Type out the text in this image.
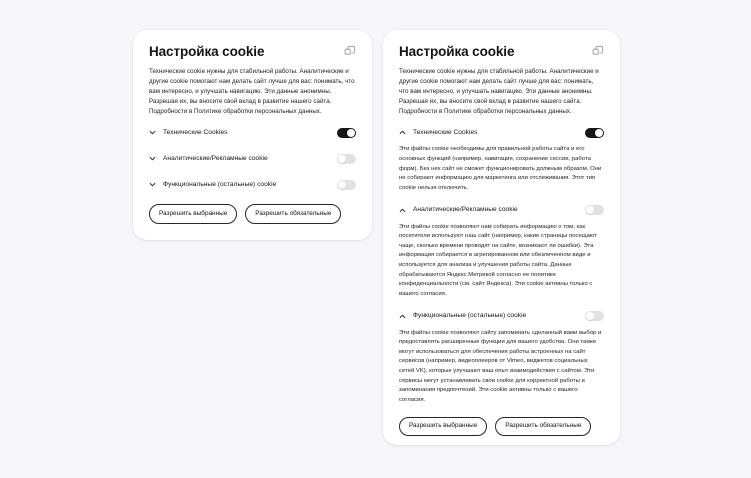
Настройка cookie
Технические cookie нужны для стабильной работы. Аналитические и другие cookie помогают нам делать сайт лучше для вас: понимать, что вам интересно, и улучшать навигацию. Эти данные анонимны. Разрешая их, вы вносите свой вклад в развитие нашего сайта. Подробности в Политике обработки персональных данных.
Технические Cookies
Аналитические/Рекламные cookie
Функциональные (остальные) cookie
Разрешить выбранные	Разрешить обязательные
Настройка cookie
Технические cookie нужны для стабильной работы. Аналитические и другие cookie помогают нам делать сайт лучше для вас: понимать, что вам интересно, и улучшать навигацию. Эти данные анонимны. Разрешая их, вы вносите свой вклад в развитие нашего сайта. Подробности в Политике обработки персональных данных.
Технические Cookies

Эти файлы cookie необходимы для правильной работы сайта и его основных функций (например, навигация, сохранение сессии, работа форм). Без них сайт не сможет функционировать должным образом. Они не собирают информацию для маркетинга или отслеживания. Этот тип cookie нельзя отключить.

Аналитические/Рекламные cookie

Эти файлы cookie позволяют нам собирать информацию о том, как посетители используют наш сайт (например, какие страницы посещают чаще, сколько времени проводят на сайте, возникают ли ошибки). Эта информация собирается в агрегированном или обезличенном виде и используется для анализа и улучшения работы сайта. Данные обрабатываются Яндекс.Метрикой согласно ее политике конфиденциальности (см. сайт Яндекса). Эти cookie активны только с вашего согласия.

Функциональные (остальные) cookie

Эти файлы cookie позволяют сайту запоминать сделанный вами выбор и предоставлять расширенные функции для вашего удобства. Они также могут использоваться для обеспечения работы встроенных на сайт сервисов (например, видеоплееров от Vimeo, виджетов социальных сетей VK), которые улучшают ваш опыт взаимодействия с сайтом. Эти сервисы могут устанавливать свои cookie для корректной работы и запоминания предпочтений. Эти cookie активны только с вашего согласия.

Разрешить выбранные	Разрешить обязательные
